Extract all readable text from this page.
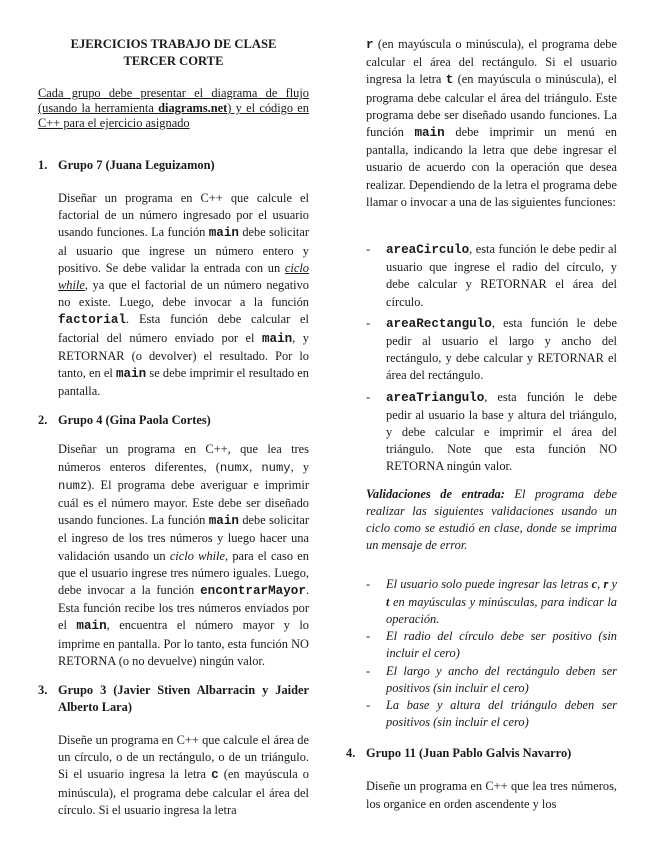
EJERCICIOS TRABAJO DE CLASE
TERCER CORTE

Cada grupo debe presentar el diagrama de flujo (usando la herramienta diagrams.net) y el código en C++ para el ejercicio asignado

1. Grupo 7 (Juana Leguizamon)

Diseñar un programa en C++ que calcule el factorial de un número ingresado por el usuario usando funciones. La función main debe solicitar al usuario que ingrese un número entero y positivo. Se debe validar la entrada con un ciclo while, ya que el factorial de un número negativo no existe. Luego, debe invocar a la función factorial. Esta función debe calcular el factorial del número enviado por el main, y RETORNAR (o devolver) el resultado. Por lo tanto, en el main se debe imprimir el resultado en pantalla.

2. Grupo 4 (Gina Paola Cortes)

Diseñar un programa en C++, que lea tres números enteros diferentes, (numx, numy, y numz). El programa debe averiguar e imprimir cuál es el número mayor. Este debe ser diseñado usando funciones. La función main debe solicitar el ingreso de los tres números y luego hacer una validación usando un ciclo while, para el caso en que el usuario ingrese tres número iguales. Luego, debe invocar a la función encontrarMayor. Esta función recibe los tres números enviados por el main, encuentra el número mayor y lo imprime en pantalla. Por lo tanto, esta función NO RETORNA (o no devuelve) ningún valor.

3. Grupo 3 (Javier Stiven Albarracin y Jaider Alberto Lara)

Diseñe un programa en C++ que calcule el área de un círculo, o de un rectángulo, o de un triángulo. Si el usuario ingresa la letra c (en mayúscula o minúscula), el programa debe calcular el área del círculo. Si el usuario ingresa la letra

r (en mayúscula o minúscula), el programa debe calcular el área del rectángulo. Si el usuario ingresa la letra t (en mayúscula o minúscula), el programa debe calcular el área del triángulo. Este programa debe ser diseñado usando funciones. La función main debe imprimir un menú en pantalla, indicando la letra que debe ingresar el usuario de acuerdo con la operación que desea realizar. Dependiendo de la letra el programa debe llamar o invocar a una de las siguientes funciones:

-	areaCirculo, esta función le debe pedir al usuario que ingrese el radio del círculo, y debe calcular y RETORNAR el área del círculo.
-	areaRectangulo, esta función le debe pedir al usuario el largo y ancho del rectángulo, y debe calcular y RETORNAR el área del rectángulo.
-	areaTriangulo, esta función le debe pedir al usuario la base y altura del triángulo, y debe calcular e imprimir el área del triángulo. Note que esta función NO RETORNA ningún valor.

Validaciones de entrada: El programa debe realizar las siguientes validaciones usando un ciclo como se estudió en clase, donde se imprima un mensaje de error.

-	El usuario solo puede ingresar las letras c, r y t en mayúsculas y minúsculas, para indicar la operación.
-	El radio del círculo debe ser positivo (sin incluir el cero)
-	El largo y ancho del rectángulo deben ser positivos (sin incluir el cero)
-	La base y altura del triángulo deben ser positivos (sin incluir el cero)
4. Grupo 11 (Juan Pablo Galvis Navarro)

Diseñe un programa en C++ que lea tres números, los organice en orden ascendente y los
